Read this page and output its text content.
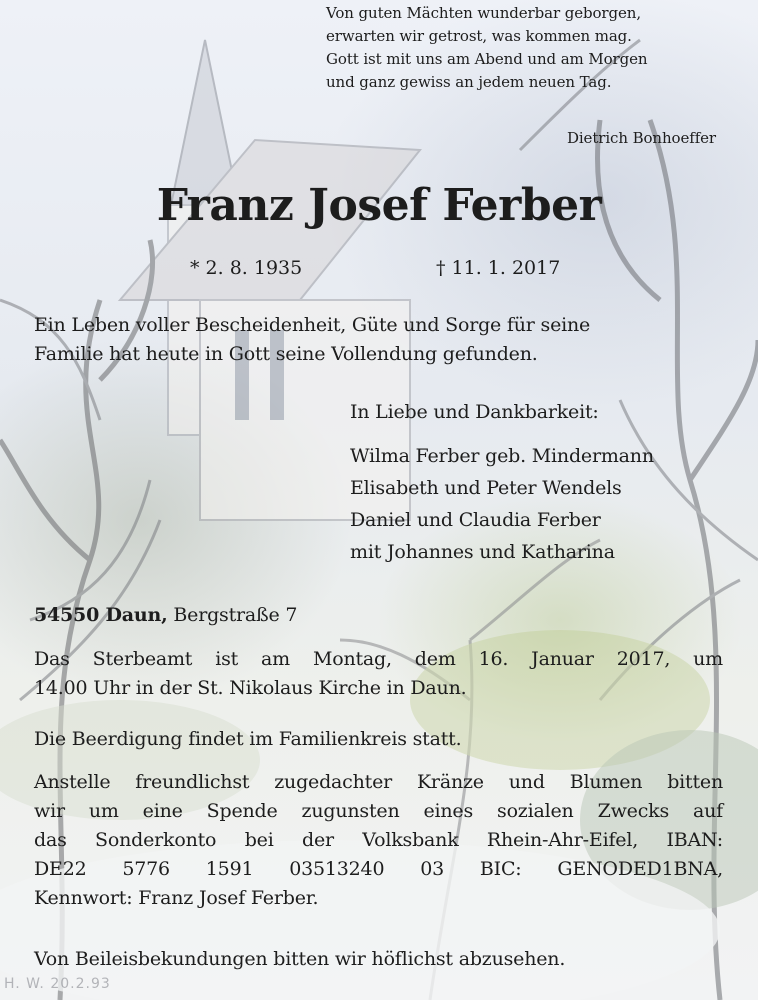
Von guten Mächten wunderbar geborgen,

erwarten wir getrost, was kommen mag.

Gott ist mit uns am Abend und am Morgen

und ganz gewiss an jedem neuen Tag.

Dietrich Bonhoeffer

Franz Josef Ferber

* 2. 8. 1935	† 11. 1. 2017

Ein Leben voller Bescheidenheit, Güte und Sorge für seine

Familie hat heute in Gott seine Vollendung gefunden.

In Liebe und Dankbarkeit:

Wilma Ferber geb. Mindermann

Elisabeth und Peter Wendels

Daniel und Claudia Ferber

mit Johannes und Katharina

54550 Daun, Bergstraße 7

Das Sterbeamt ist am Montag, dem 16. Januar 2017, um

14.00 Uhr in der St. Nikolaus Kirche in Daun.

Die Beerdigung findet im Familienkreis statt.

Anstelle freundlichst zugedachter Kränze und Blumen bitten

wir um eine Spende zugunsten eines sozialen Zwecks auf

das Sonderkonto bei der Volksbank Rhein-Ahr-Eifel, IBAN:

DE22 5776 1591 03513240 03 BIC: GENODED1BNA,

Kennwort: Franz Josef Ferber.

Von Beileisbekundungen bitten wir höflichst abzusehen.

H. W. 20.2.93
